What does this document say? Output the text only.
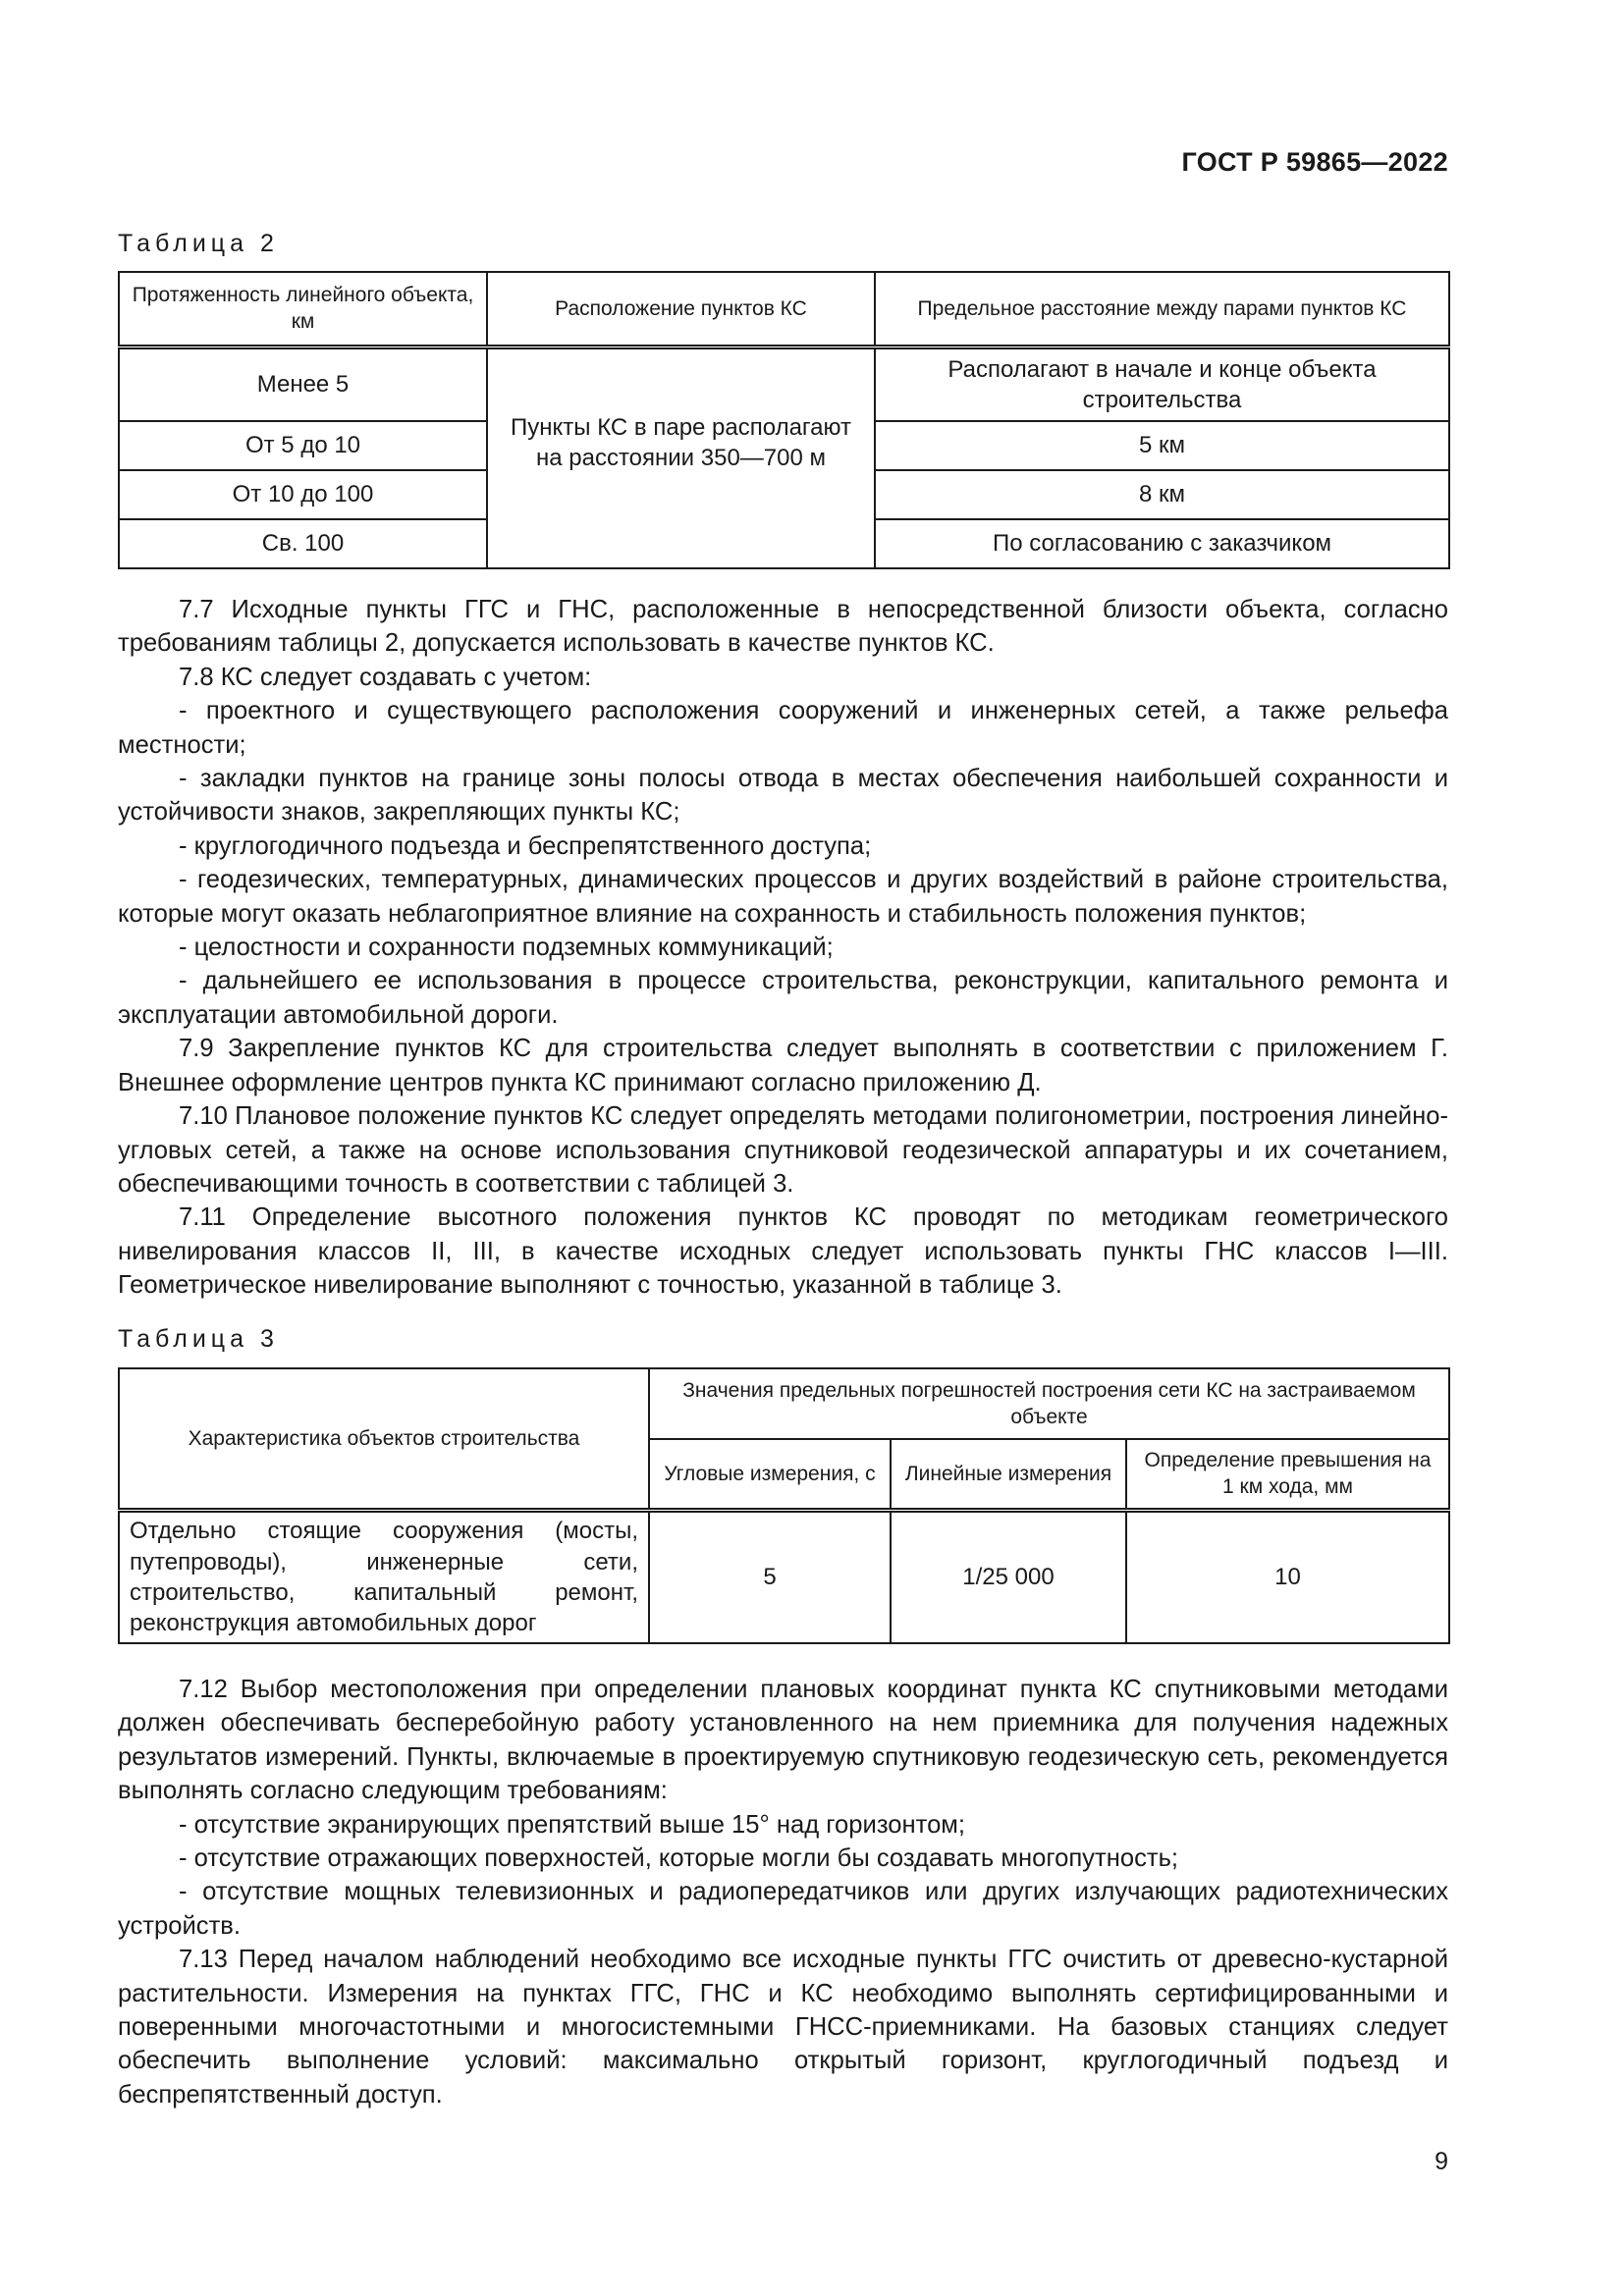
ГОСТ Р 59865—2022
Таблица 2
Протяженность линейного объекта, км	Расположение пунктов КС	Предельное расстояние между парами пунктов КС
Менее 5	Пункты КС в паре располагают на расстоянии 350—700 м	Располагают в начале и конце объекта строительства
От 5 до 10		5 км
От 10 до 100		8 км
Св. 100		По согласованию с заказчиком

7.7 Исходные пункты ГГС и ГНС, расположенные в непосредственной близости объекта, согласно требованиям таблицы 2, допускается использовать в качестве пунктов КС.

7.8 КС следует создавать с учетом:

- проектного и существующего расположения сооружений и инженерных сетей, а также рельефа местности;

- закладки пунктов на границе зоны полосы отвода в местах обеспечения наибольшей сохранности и устойчивости знаков, закрепляющих пункты КС;

- круглогодичного подъезда и беспрепятственного доступа;

- геодезических, температурных, динамических процессов и других воздействий в районе строительства, которые могут оказать неблагоприятное влияние на сохранность и стабильность положения пунктов;

- целостности и сохранности подземных коммуникаций;

- дальнейшего ее использования в процессе строительства, реконструкции, капитального ремонта и эксплуатации автомобильной дороги.

7.9 Закрепление пунктов КС для строительства следует выполнять в соответствии с приложением Г. Внешнее оформление центров пункта КС принимают согласно приложению Д.

7.10 Плановое положение пунктов КС следует определять методами полигонометрии, построения линейно-угловых сетей, а также на основе использования спутниковой геодезической аппаратуры и их сочетанием, обеспечивающими точность в соответствии с таблицей 3.

7.11 Определение высотного положения пунктов КС проводят по методикам геометрического нивелирования классов II, III, в качестве исходных следует использовать пункты ГНС классов I—III. Геометрическое нивелирование выполняют с точностью, указанной в таблице 3.

Таблица 3
Характеристика объектов строительства	Значения предельных погрешностей построения сети КС на застраиваемом объекте		
	Угловые измерения, с	Линейные измерения	Определение превышения на 1 км хода, мм
Отдельно стоящие сооружения (мосты, путепроводы), инженерные сети, строительство, капитальный ремонт, реконструкция автомобильных дорог	5	1/25 000	10

7.12 Выбор местоположения при определении плановых координат пункта КС спутниковыми методами должен обеспечивать бесперебойную работу установленного на нем приемника для получения надежных результатов измерений. Пункты, включаемые в проектируемую спутниковую геодезическую сеть, рекомендуется выполнять согласно следующим требованиям:

- отсутствие экранирующих препятствий выше 15° над горизонтом;

- отсутствие отражающих поверхностей, которые могли бы создавать многопутность;

- отсутствие мощных телевизионных и радиопередатчиков или других излучающих радиотехнических устройств.

7.13 Перед началом наблюдений необходимо все исходные пункты ГГС очистить от древесно-кустарной растительности. Измерения на пунктах ГГС, ГНС и КС необходимо выполнять сертифицированными и поверенными многочастотными и многосистемными ГНСС-приемниками. На базовых станциях следует обеспечить выполнение условий: максимально открытый горизонт, круглогодичный подъезд и беспрепятственный доступ.

9
